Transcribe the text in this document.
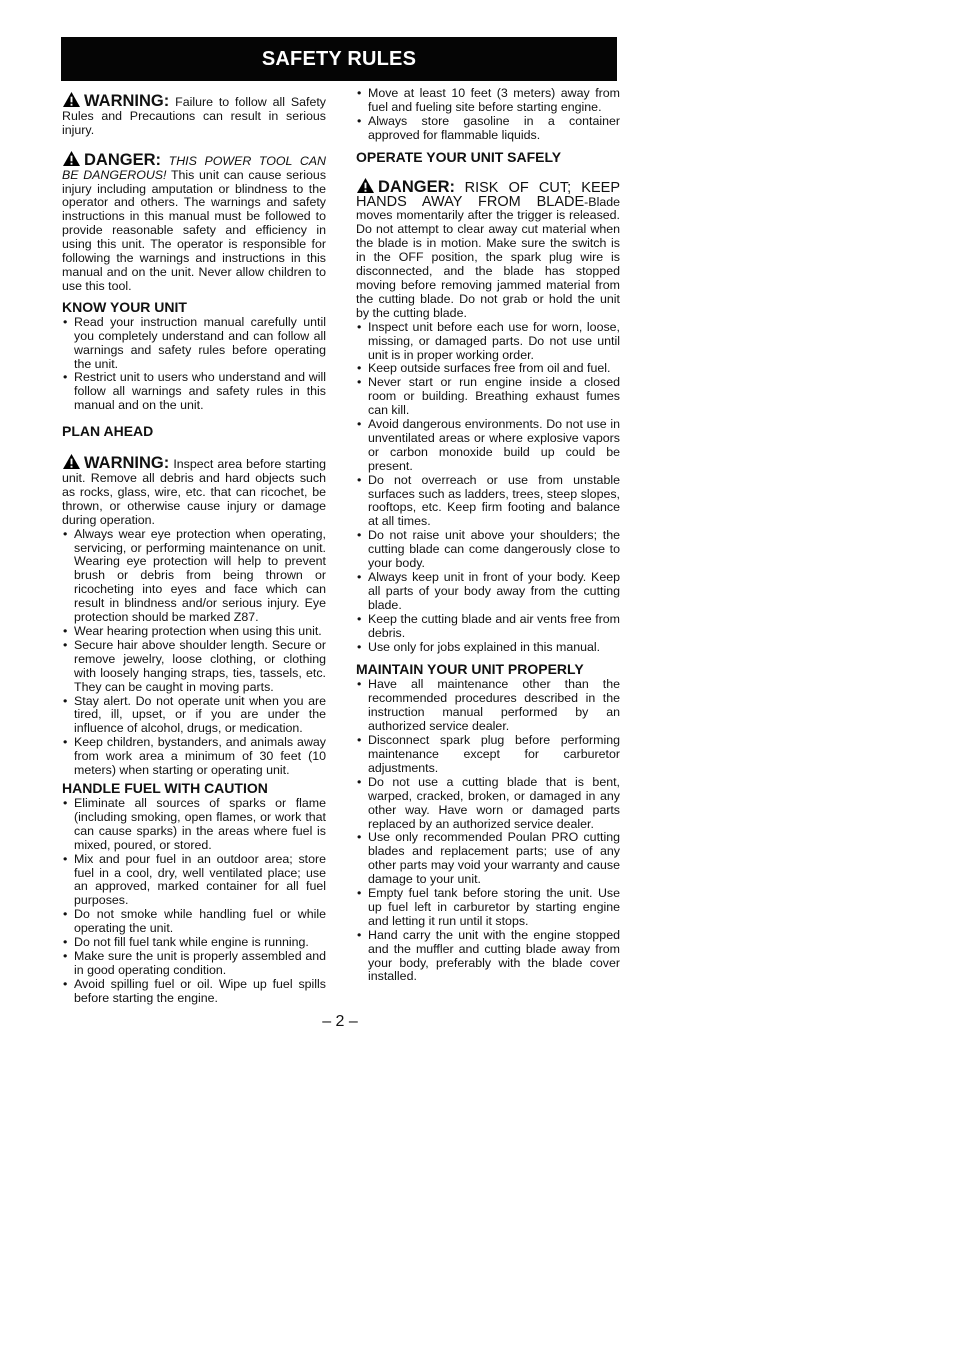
SAFETY RULES

WARNING: Failure to follow all Safety Rules and Precautions can result in serious injury.

DANGER: THIS POWER TOOL CAN BE DANGEROUS! This unit can cause serious injury including amputation or blindness to the operator and others. The warnings and safety instructions in this manual must be followed to provide reasonable safety and efficiency in using this unit. The operator is responsible for following the warnings and instructions in this manual and on the unit. Never allow children to use this tool.

KNOW YOUR UNIT
• Read your instruction manual carefully until you completely understand and can follow all warnings and safety rules before operating the unit.
• Restrict unit to users who understand and will follow all warnings and safety rules in this manual and on the unit.
PLAN AHEAD

WARNING: Inspect area before starting unit. Remove all debris and hard objects such as rocks, glass, wire, etc. that can ricochet, be thrown, or otherwise cause injury or damage during operation.

• Always wear eye protection when operating, servicing, or performing maintenance on unit. Wearing eye protection will help to prevent brush or debris from being thrown or ricocheting into eyes and face which can result in blindness and/or serious injury. Eye protection should be marked Z87.
• Wear hearing protection when using this unit.
• Secure hair above shoulder length. Secure or remove jewelry, loose clothing, or clothing with loosely hanging straps, ties, tassels, etc. They can be caught in moving parts.
• Stay alert. Do not operate unit when you are tired, ill, upset, or if you are under the influence of alcohol, drugs, or medication.
• Keep children, bystanders, and animals away from work area a minimum of 30 feet (10 meters) when starting or operating unit.
HANDLE FUEL WITH CAUTION
• Eliminate all sources of sparks or flame (including smoking, open flames, or work that can cause sparks) in the areas where fuel is mixed, poured, or stored.
• Mix and pour fuel in an outdoor area; store fuel in a cool, dry, well ventilated place; use an approved, marked container for all fuel purposes.
• Do not smoke while handling fuel or while operating the unit.
• Do not fill fuel tank while engine is running.
• Make sure the unit is properly assembled and in good operating condition.
• Avoid spilling fuel or oil. Wipe up fuel spills before starting the engine.
• Move at least 10 feet (3 meters) away from fuel and fueling site before starting engine.
• Always store gasoline in a container approved for flammable liquids.
OPERATE YOUR UNIT SAFELY

DANGER: RISK OF CUT; KEEP HANDS AWAY FROM BLADE-Blade moves momentarily after the trigger is released. Do not attempt to clear away cut material when the blade is in motion. Make sure the switch is in the OFF position, the spark plug wire is disconnected, and the blade has stopped moving before removing jammed material from the cutting blade. Do not grab or hold the unit by the cutting blade.

• Inspect unit before each use for worn, loose, missing, or damaged parts. Do not use until unit is in proper working order.
• Keep outside surfaces free from oil and fuel.
• Never start or run engine inside a closed room or building. Breathing exhaust fumes can kill.
• Avoid dangerous environments. Do not use in unventilated areas or where explosive vapors or carbon monoxide build up could be present.
• Do not overreach or use from unstable surfaces such as ladders, trees, steep slopes, rooftops, etc. Keep firm footing and balance at all times.
• Do not raise unit above your shoulders; the cutting blade can come dangerously close to your body.
• Always keep unit in front of your body. Keep all parts of your body away from the cutting blade.
• Keep the cutting blade and air vents free from debris.
• Use only for jobs explained in this manual.
MAINTAIN YOUR UNIT PROPERLY
• Have all maintenance other than the recommended procedures described in the instruction manual performed by an authorized service dealer.
• Disconnect spark plug before performing maintenance except for carburetor adjustments.
• Do not use a cutting blade that is bent, warped, cracked, broken, or damaged in any other way. Have worn or damaged parts replaced by an authorized service dealer.
• Use only recommended Poulan PRO cutting blades and replacement parts; use of any other parts may void your warranty and cause damage to your unit.
• Empty fuel tank before storing the unit. Use up fuel left in carburetor by starting engine and letting it run until it stops.
• Hand carry the unit with the engine stopped and the muffler and cutting blade away from your body, preferably with the blade cover installed.
– 2 –
